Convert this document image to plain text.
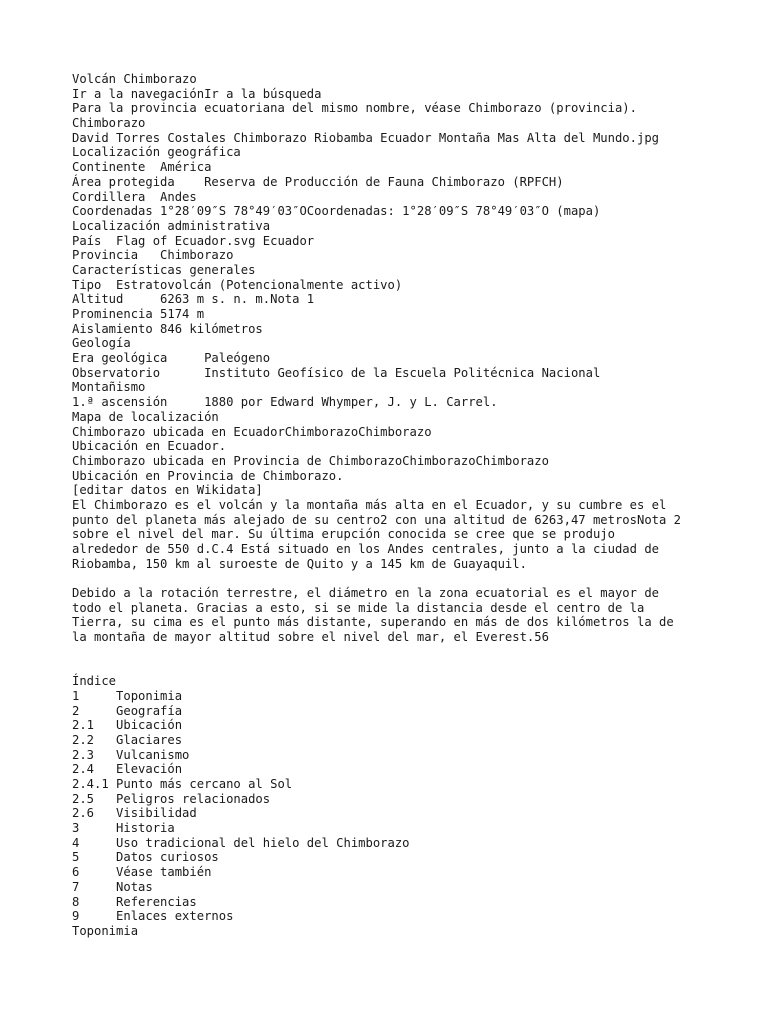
Volcán Chimborazo
Ir a la navegaciónIr a la búsqueda
Para la provincia ecuatoriana del mismo nombre, véase Chimborazo (provincia).
Chimborazo
David Torres Costales Chimborazo Riobamba Ecuador Montaña Mas Alta del Mundo.jpg
Localización geográfica
Continente  América
Área protegida    Reserva de Producción de Fauna Chimborazo (RPFCH)
Cordillera  Andes
Coordenadas 1°28′09″S 78°49′03″OCoordenadas: 1°28′09″S 78°49′03″O (mapa)
Localización administrativa
País  Flag of Ecuador.svg Ecuador
Provincia   Chimborazo
Características generales
Tipo  Estratovolcán (Potencionalmente activo)
Altitud     6263 m s. n. m.Nota 1
Prominencia 5174 m
Aislamiento 846 kilómetros
Geología
Era geológica     Paleógeno
Observatorio      Instituto Geofísico de la Escuela Politécnica Nacional
Montañismo
1.ª ascensión     1880 por Edward Whymper, J. y L. Carrel.
Mapa de localización
Chimborazo ubicada en EcuadorChimborazoChimborazo
Ubicación en Ecuador.
Chimborazo ubicada en Provincia de ChimborazoChimborazoChimborazo
Ubicación en Provincia de Chimborazo.
[editar datos en Wikidata]
El Chimborazo es el volcán y la montaña más alta en el Ecuador, y su cumbre es el
punto del planeta más alejado de su centro2 con una altitud de 6263,47 metrosNota 2
sobre el nivel del mar. Su última erupción conocida se cree que se produjo
alrededor de 550 d.C.4 Está situado en los Andes centrales, junto a la ciudad de
Riobamba, 150 km al suroeste de Quito y a 145 km de Guayaquil.
Debido a la rotación terrestre, el diámetro en la zona ecuatorial es el mayor de
todo el planeta. Gracias a esto, si se mide la distancia desde el centro de la
Tierra, su cima es el punto más distante, superando en más de dos kilómetros la de
la montaña de mayor altitud sobre el nivel del mar, el Everest.56
Índice
1	Toponimia
2	Geografía
2.1 Ubicación
2.2 Glaciares
2.3 Vulcanismo
2.4 Elevación
2.4.1 Punto más cercano al Sol
2.5 Peligros relacionados
2.6 Visibilidad
3	Historia
4	Uso tradicional del hielo del Chimborazo
5	Datos curiosos
6	Véase también
7	Notas
8	Referencias
9	Enlaces externos
Toponimia
